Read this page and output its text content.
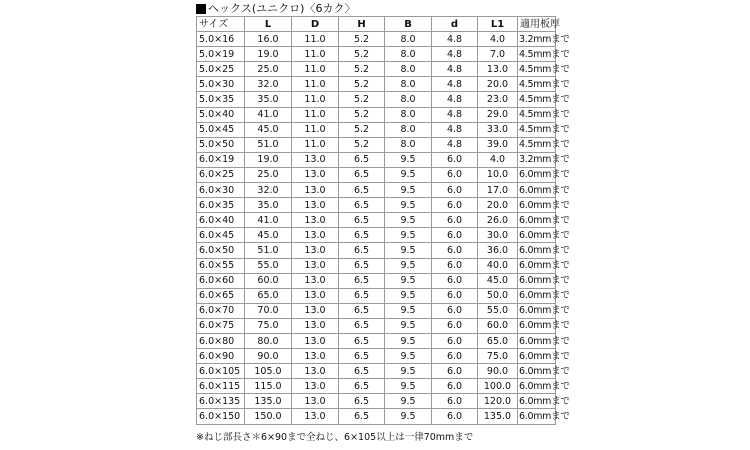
ヘックス(ユニクロ)〈6カク〉
サイズ	L	D	H	B	d	L1	適用板厚
5.0×16	16.0	11.0	5.2	8.0	4.8	4.0	3.2mmまで
5.0×19	19.0	11.0	5.2	8.0	4.8	7.0	4.5mmまで
5.0×25	25.0	11.0	5.2	8.0	4.8	13.0	4.5mmまで
5.0×30	32.0	11.0	5.2	8.0	4.8	20.0	4.5mmまで
5.0×35	35.0	11.0	5.2	8.0	4.8	23.0	4.5mmまで
5.0×40	41.0	11.0	5.2	8.0	4.8	29.0	4.5mmまで
5.0×45	45.0	11.0	5.2	8.0	4.8	33.0	4.5mmまで
5.0×50	51.0	11.0	5.2	8.0	4.8	39.0	4.5mmまで
6.0×19	19.0	13.0	6.5	9.5	6.0	4.0	3.2mmまで
6.0×25	25.0	13.0	6.5	9.5	6.0	10.0	6.0mmまで
6.0×30	32.0	13.0	6.5	9.5	6.0	17.0	6.0mmまで
6.0×35	35.0	13.0	6.5	9.5	6.0	20.0	6.0mmまで
6.0×40	41.0	13.0	6.5	9.5	6.0	26.0	6.0mmまで
6.0×45	45.0	13.0	6.5	9.5	6.0	30.0	6.0mmまで
6.0×50	51.0	13.0	6.5	9.5	6.0	36.0	6.0mmまで
6.0×55	55.0	13.0	6.5	9.5	6.0	40.0	6.0mmまで
6.0×60	60.0	13.0	6.5	9.5	6.0	45.0	6.0mmまで
6.0×65	65.0	13.0	6.5	9.5	6.0	50.0	6.0mmまで
6.0×70	70.0	13.0	6.5	9.5	6.0	55.0	6.0mmまで
6.0×75	75.0	13.0	6.5	9.5	6.0	60.0	6.0mmまで
6.0×80	80.0	13.0	6.5	9.5	6.0	65.0	6.0mmまで
6.0×90	90.0	13.0	6.5	9.5	6.0	75.0	6.0mmまで
6.0×105	105.0	13.0	6.5	9.5	6.0	90.0	6.0mmまで
6.0×115	115.0	13.0	6.5	9.5	6.0	100.0	6.0mmまで
6.0×135	135.0	13.0	6.5	9.5	6.0	120.0	6.0mmまで
6.0×150	150.0	13.0	6.5	9.5	6.0	135.0	6.0mmまで
※ねじ部長さ＊6×90まで全ねじ、6×105以上は一律70mmまで
